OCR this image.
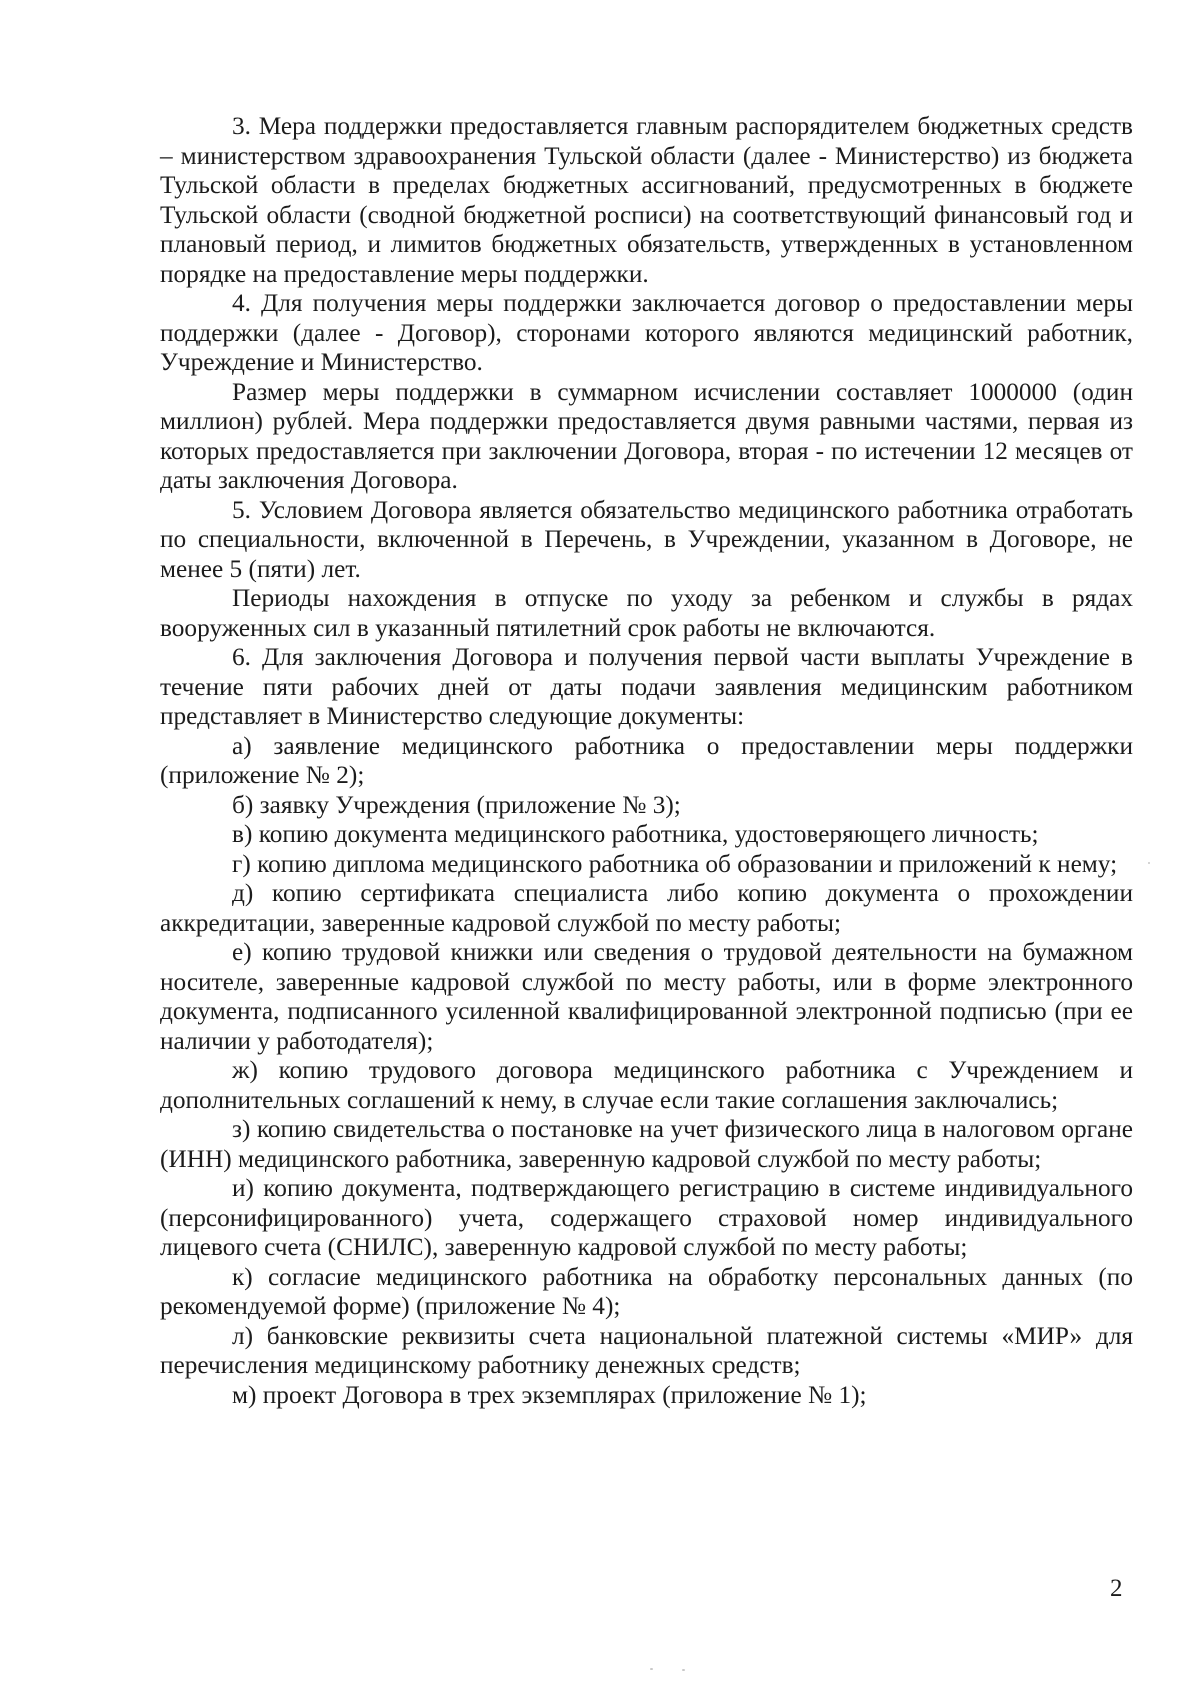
3. Мера поддержки предоставляется главным распорядителем бюджетных средств – министерством здравоохранения Тульской области (далее - Министерство) из бюджета Тульской области в пределах бюджетных ассигнований, предусмотренных в бюджете Тульской области (сводной бюджетной росписи) на соответствующий финансовый год и плановый период, и лимитов бюджетных обязательств, утвержденных в установленном порядке на предоставление меры поддержки.

4. Для получения меры поддержки заключается договор о предоставлении меры поддержки (далее - Договор), сторонами которого являются медицинский работник, Учреждение и Министерство.

Размер меры поддержки в суммарном исчислении составляет 1000000 (один миллион) рублей. Мера поддержки предоставляется двумя равными частями, первая из которых предоставляется при заключении Договора, вторая - по истечении 12 месяцев от даты заключения Договора.

5. Условием Договора является обязательство медицинского работника отработать по специальности, включенной в Перечень, в Учреждении, указанном в Договоре, не менее 5 (пяти) лет.

Периоды нахождения в отпуске по уходу за ребенком и службы в рядах вооруженных сил в указанный пятилетний срок работы не включаются.

6. Для заключения Договора и получения первой части выплаты Учреждение в течение пяти рабочих дней от даты подачи заявления медицинским работником представляет в Министерство следующие документы:

а) заявление медицинского работника о предоставлении меры поддержки (приложение № 2);

б) заявку Учреждения (приложение № 3);

в) копию документа медицинского работника, удостоверяющего личность;

г) копию диплома медицинского работника об образовании и приложений к нему;

д) копию сертификата специалиста либо копию документа о прохождении аккредитации, заверенные кадровой службой по месту работы;

е) копию трудовой книжки или сведения о трудовой деятельности на бумажном носителе, заверенные кадровой службой по месту работы, или в форме электронного документа, подписанного усиленной квалифицированной электронной подписью (при ее наличии у работодателя);

ж) копию трудового договора медицинского работника с Учреждением и дополнительных соглашений к нему, в случае если такие соглашения заключались;

з) копию свидетельства о постановке на учет физического лица в налоговом органе (ИНН) медицинского работника, заверенную кадровой службой по месту работы;

и) копию документа, подтверждающего регистрацию в системе индивидуального (персонифицированного) учета, содержащего страховой номер индивидуального лицевого счета (СНИЛС), заверенную кадровой службой по месту работы;

к) согласие медицинского работника на обработку персональных данных (по рекомендуемой форме) (приложение № 4);

л) банковские реквизиты счета национальной платежной системы «МИР» для перечисления медицинскому работнику денежных средств;

м) проект Договора в трех экземплярах (приложение № 1);

2
